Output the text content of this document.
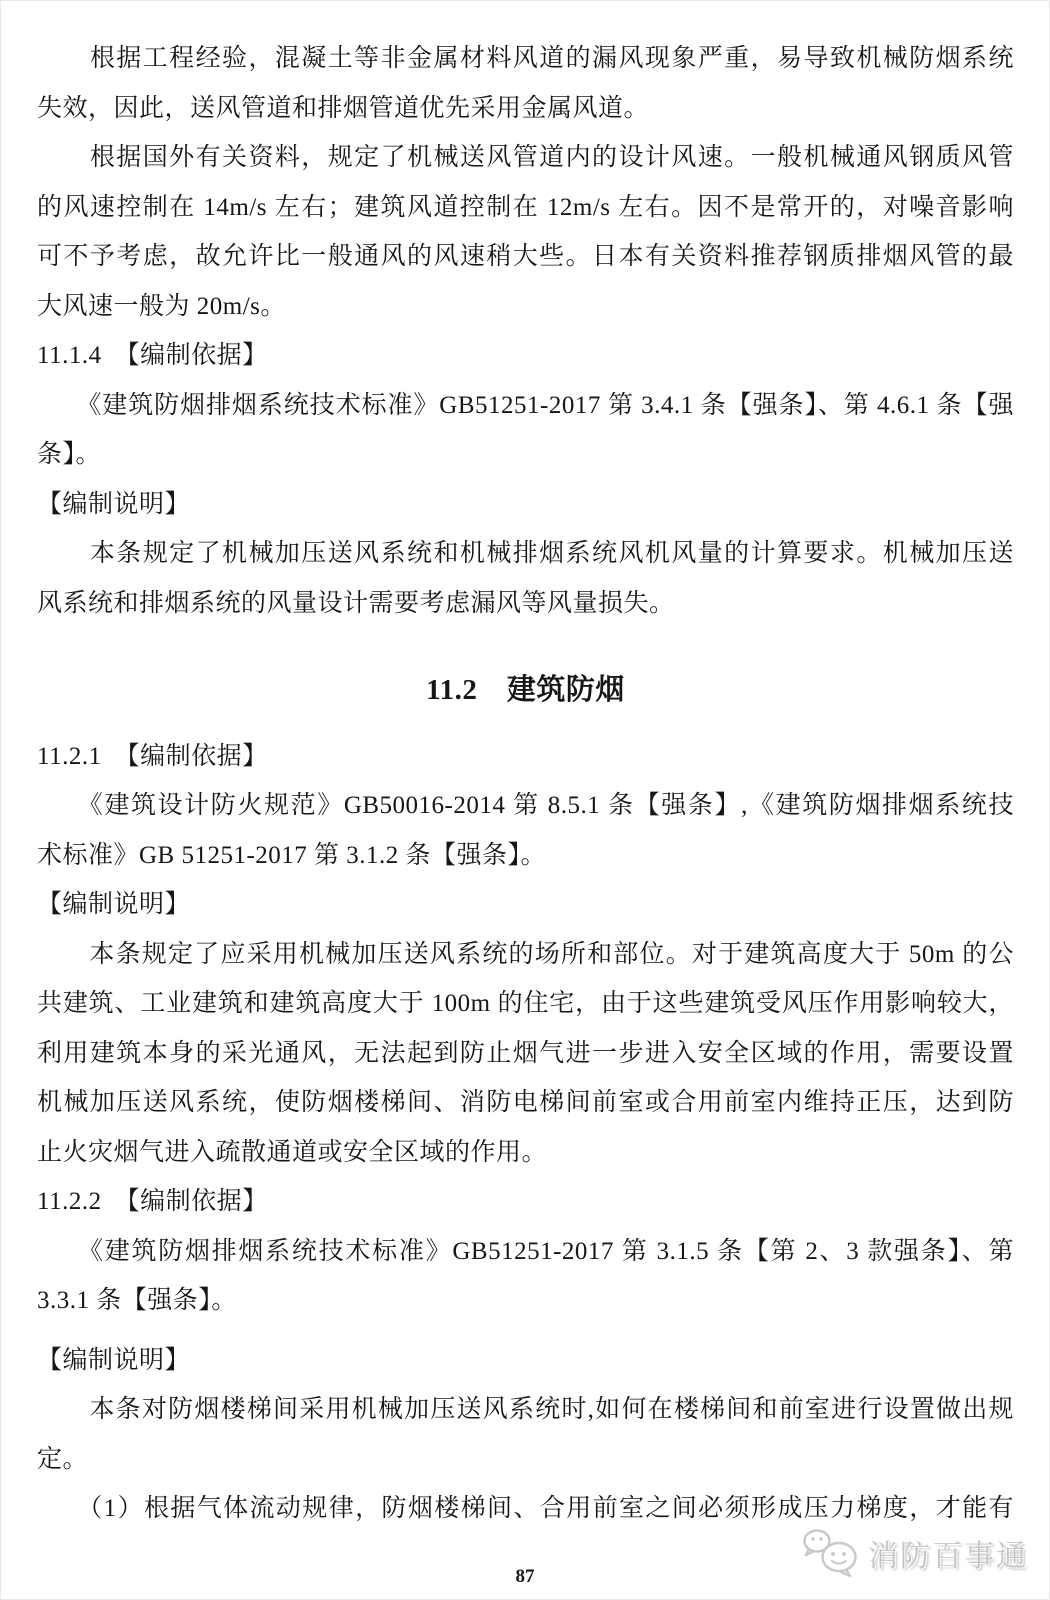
　　根据工程经验，混凝土等非金属材料风道的漏风现象严重，易导致机械防烟系统
失效，因此，送风管道和排烟管道优先采用金属风道。
　　根据国外有关资料，规定了机械送风管道内的设计风速。一般机械通风钢质风管
的风速控制在 14m/s 左右；建筑风道控制在 12m/s 左右。因不是常开的，对噪音影响
可不予考虑，故允许比一般通风的风速稍大些。日本有关资料推荐钢质排烟风管的最
大风速一般为 20m/s。
11.1.4　【编制依据】
　　《建筑防烟排烟系统技术标准》GB51251-2017 第 3.4.1 条【强条】、第 4.6.1 条【强
条】。
【编制说明】
　　本条规定了机械加压送风系统和机械排烟系统风机风量的计算要求。机械加压送
风系统和排烟系统的风量设计需要考虑漏风等风量损失。
11.2　建筑防烟
11.2.1　【编制依据】
　　《建筑设计防火规范》GB50016-2014 第 8.5.1 条【强条】,《建筑防烟排烟系统技
术标准》GB 51251-2017 第 3.1.2 条【强条】。
【编制说明】
　　本条规定了应采用机械加压送风系统的场所和部位。对于建筑高度大于 50m 的公
共建筑、工业建筑和建筑高度大于 100m 的住宅，由于这些建筑受风压作用影响较大，
利用建筑本身的采光通风，无法起到防止烟气进一步进入安全区域的作用，需要设置
机械加压送风系统，使防烟楼梯间、消防电梯间前室或合用前室内维持正压，达到防
止火灾烟气进入疏散通道或安全区域的作用。
11.2.2　【编制依据】
　　《建筑防烟排烟系统技术标准》GB51251-2017 第 3.1.5 条【第 2、3 款强条】、第
3.3.1 条【强条】。
【编制说明】
　　本条对防烟楼梯间采用机械加压送风系统时,如何在楼梯间和前室进行设置做出规
定。
　　（1）根据气体流动规律，防烟楼梯间、合用前室之间必须形成压力梯度，才能有
消防百事通
87
